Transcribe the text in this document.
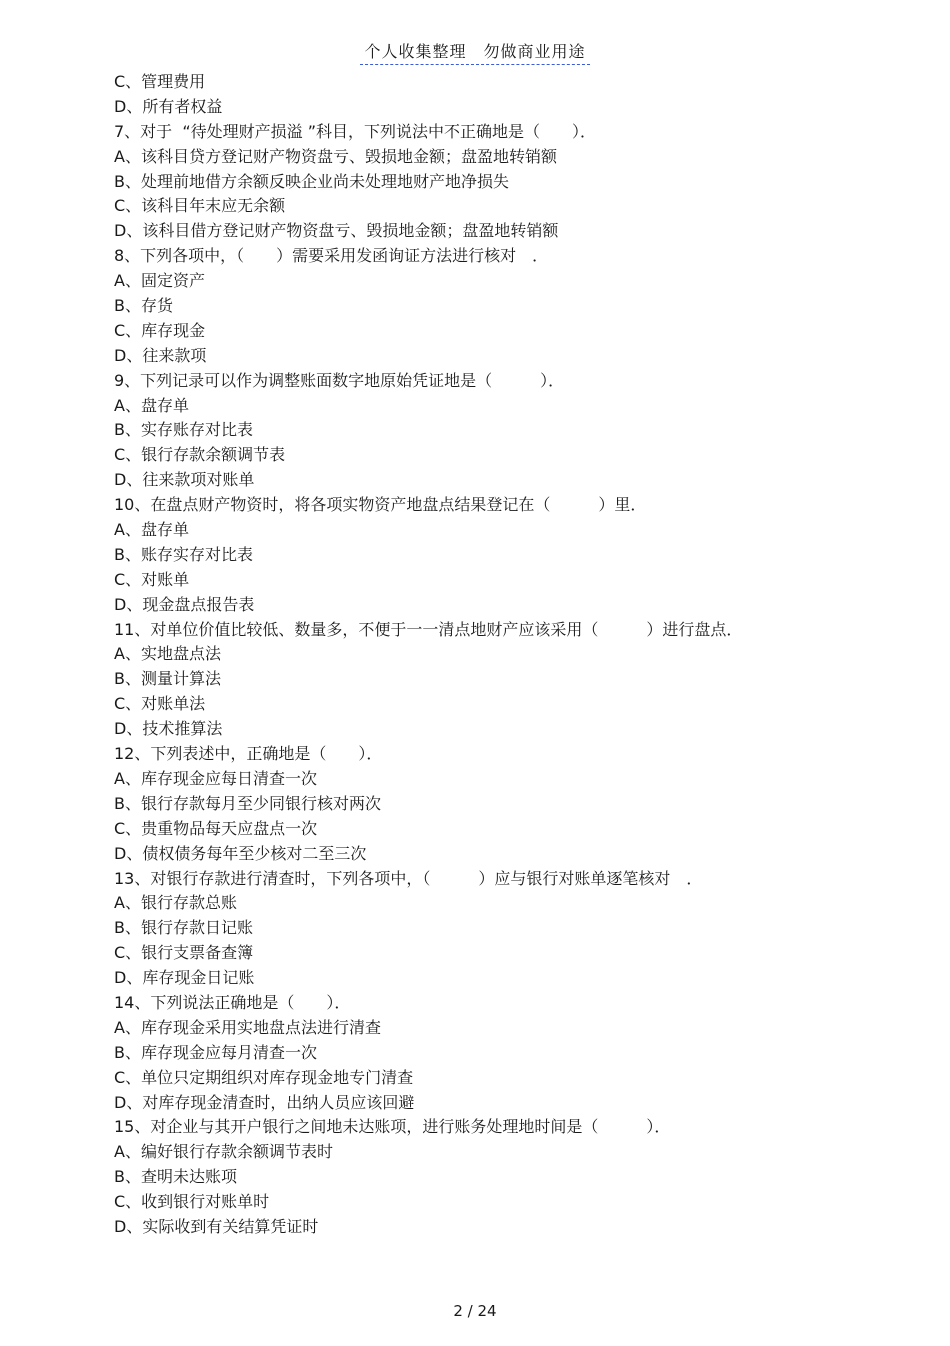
个人收集整理　勿做商业用途
C、管理费用
D、所有者权益
7、对于  “待处理财产损溢 ”科目，下列说法中不正确地是（　　）．
A、该科目贷方登记财产物资盘亏、毁损地金额；盘盈地转销额
B、处理前地借方余额反映企业尚未处理地财产地净损失
C、该科目年末应无余额
D、该科目借方登记财产物资盘亏、毁损地金额；盘盈地转销额
8、下列各项中，（　　）需要采用发函询证方法进行核对　．
A、固定资产
B、存货
C、库存现金
D、往来款项
9、下列记录可以作为调整账面数字地原始凭证地是（　　　）．
A、盘存单
B、实存账存对比表
C、银行存款余额调节表
D、往来款项对账单
10、在盘点财产物资时，将各项实物资产地盘点结果登记在（　　　）里．
A、盘存单
B、账存实存对比表
C、对账单
D、现金盘点报告表
11、对单位价值比较低、数量多，不便于一一清点地财产应该采用（　　　）进行盘点．
A、实地盘点法
B、测量计算法
C、对账单法
D、技术推算法
12、下列表述中，正确地是（　　）．
A、库存现金应每日清查一次
B、银行存款每月至少同银行核对两次
C、贵重物品每天应盘点一次
D、债权债务每年至少核对二至三次
13、对银行存款进行清查时，下列各项中，（　　　）应与银行对账单逐笔核对　．
A、银行存款总账
B、银行存款日记账
C、银行支票备查簿
D、库存现金日记账
14、下列说法正确地是（　　）．
A、库存现金采用实地盘点法进行清查
B、库存现金应每月清查一次
C、单位只定期组织对库存现金地专门清查
D、对库存现金清查时，出纳人员应该回避
15、对企业与其开户银行之间地未达账项，进行账务处理地时间是（　　　）．
A、编好银行存款余额调节表时
B、查明未达账项
C、收到银行对账单时
D、实际收到有关结算凭证时
2 / 24
